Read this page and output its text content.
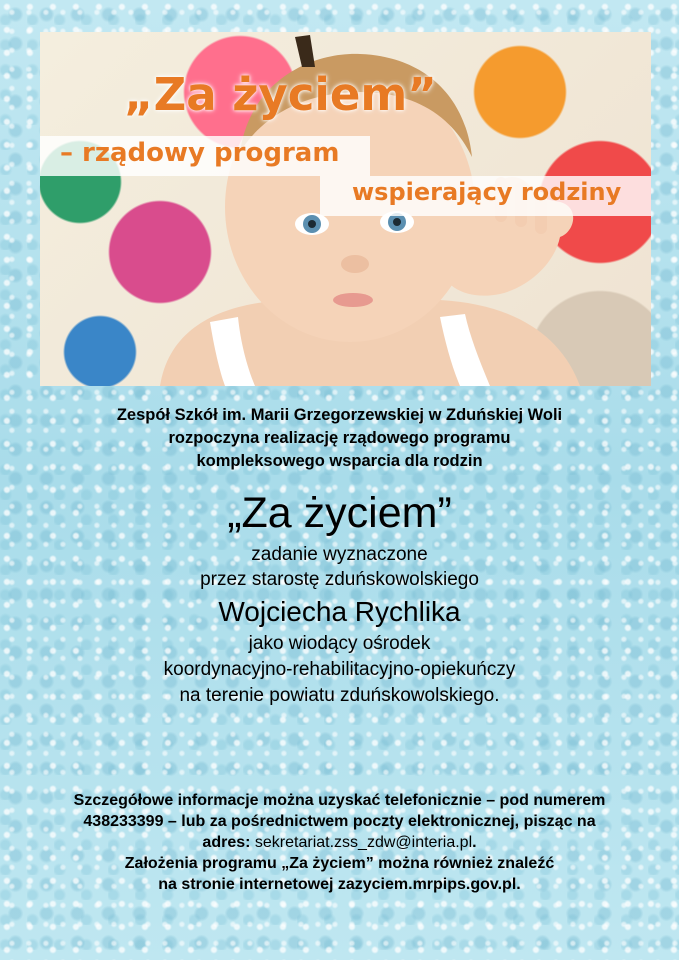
„Za życiem”
– rządowy program
wspierający rodziny
Zespół Szkół im. Marii Grzegorzewskiej w Zduńskiej Woli
rozpoczyna realizację rządowego programu
kompleksowego wsparcia dla rodzin
„Za życiem”
zadanie wyznaczone
przez starostę zduńskowolskiego
Wojciecha Rychlika
jako wiodący ośrodek
koordynacyjno-rehabilitacyjno-opiekuńczy
na terenie powiatu zduńskowolskiego.
Szczegółowe informacje można uzyskać telefonicznie – pod numerem
438233399 – lub za pośrednictwem poczty elektronicznej, pisząc na
adres: sekretariat.zss_zdw@interia.pl.
Założenia programu „Za życiem” można również znaleźć
na stronie internetowej zazyciem.mrpips.gov.pl.
